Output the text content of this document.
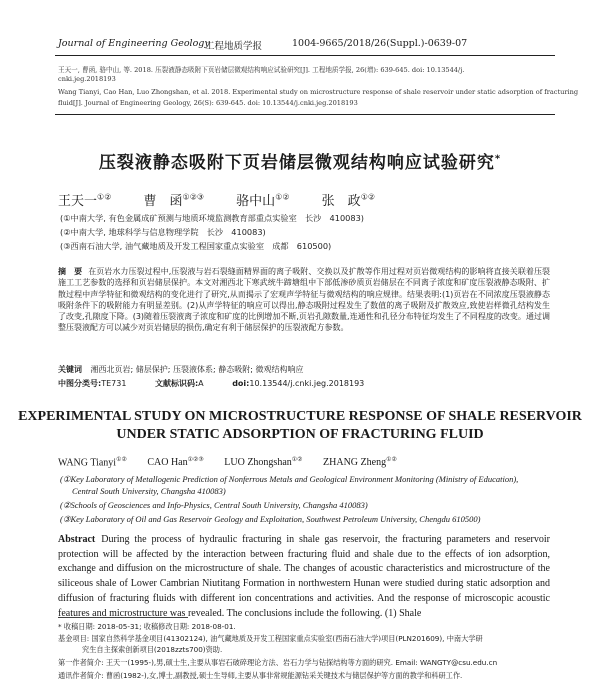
Journal of Engineering Geology
工程地质学报	1004-9665/2018/26(Suppl.)-0639-07
王天一, 曹函, 骆中山, 等. 2018. 压裂液静态吸附下页岩储层微观结构响应试验研究[J]. 工程地质学报, 26(增): 639-645. doi: 10.13544/j.
cnki.jeg.2018193
Wang Tianyi, Cao Han, Luo Zhongshan, et al. 2018. Experimental study on microstructure response of shale reservoir under static adsorption of fracturing
fluid[J]. Journal of Engineering Geology, 26(S): 639-645. doi: 10.13544/j.cnki.jeg.2018193
压裂液静态吸附下页岩储层微观结构响应试验研究*
王天一①② 曹　函①②③ 骆中山①② 张　政①②
(①中南大学, 有色金属成矿预测与地质环境监测教育部重点实验室　长沙　410083)
(②中南大学, 地球科学与信息物理学院　长沙　410083)
(③西南石油大学, 油气藏地质及开发工程国家重点实验室　成都　610500)
摘　要 在页岩水力压裂过程中,压裂液与岩石裂缝面精界面的离子吸附、交换以及扩散等作用过程对页岩微观结构的影响将直接关联着压裂施工工艺参数的选择和页岩储层保护。本文对湘西北下寒武统牛蹄塘组中下部低渗砂质页岩储层在不同离子浓度和矿度压裂液静态吸附、扩散过程中声学特征和微观结构的变化进行了研究,从而揭示了宏观声学特征与微观结构的响应规律。结果表明:(1)页岩在不同浓度压裂液静态吸附条件下的吸附能力有明显差别。(2)从声学特征的响应可以得出,静态吸附过程发生了数值的离子吸附及扩散效应,致使岩样微孔结构发生了改变,孔隙度下降。(3)随着压裂液离子浓度和矿度的比例增加不断,页岩孔隙数量,连通性和孔径分布特征均发生了不同程度的改变。通过调整压裂液配方可以减少对页岩储层的损伤,确定有利于储层保护的压裂液配方参数。
关键词 湘西北页岩; 储层保护; 压裂液体系; 静态吸附; 微观结构响应
中图分类号:TE731	文献标识码:A	doi:10.13544/j.cnki.jeg.2018193
EXPERIMENTAL STUDY ON MICROSTRUCTURE RESPONSE OF SHALE RESERVOIR UNDER STATIC ADSORPTION OF FRACTURING FLUID
WANG Tianyi①② CAO Han①②③ LUO Zhongshan①② ZHANG Zheng①②
(①Key Laboratory of Metallogenic Prediction of Nonferrous Metals and Geological Environment Monitoring (Ministry of Education),
Central South University, Changsha 410083)
(②Schools of Geosciences and Info-Physics, Central South University, Changsha 410083)
(③Key Laboratory of Oil and Gas Reservoir Geology and Exploitation, Southwest Petroleum University, Chengdu 610500)
Abstract During the process of hydraulic fracturing in shale gas reservoir, the fracturing parameters and reservoir protection will be affected by the interaction between fracturing fluid and shale due to the effects of ion adsorption, exchange and diffusion on the microstructure of shale. The changes of acoustic characteristics and microstructure of the siliceous shale of Lower Cambrian Niutitang Formation in northwestern Hunan were studied during static adsorption and diffusion of fracturing fluids with different ion concentrations and activities. And the response of microscopic acoustic features and microstructure was revealed. The conclusions include the following. (1) Shale
* 收稿日期: 2018-05-31; 收稿修改日期: 2018-08-01.
基金项目: 国家自然科学基金项目(41302124), 油气藏地质及开发工程国家重点实验室(西南石油大学)项目(PLN201609), 中南大学研
究生自主探索创新项目(2018zzts700)资助.
第一作者简介: 王天一(1995-),男,硕士生,主要从事岩石破碎理论方法、岩石力学与钻探结构等方面的研究. Email: WANGTY@csu.edu.cn
通讯作者简介: 曹函(1982-),女,博士,副教授,硕士生导师,主要从事非常规能源钻采关键技术与储层保护等方面的教学和科研工作.
